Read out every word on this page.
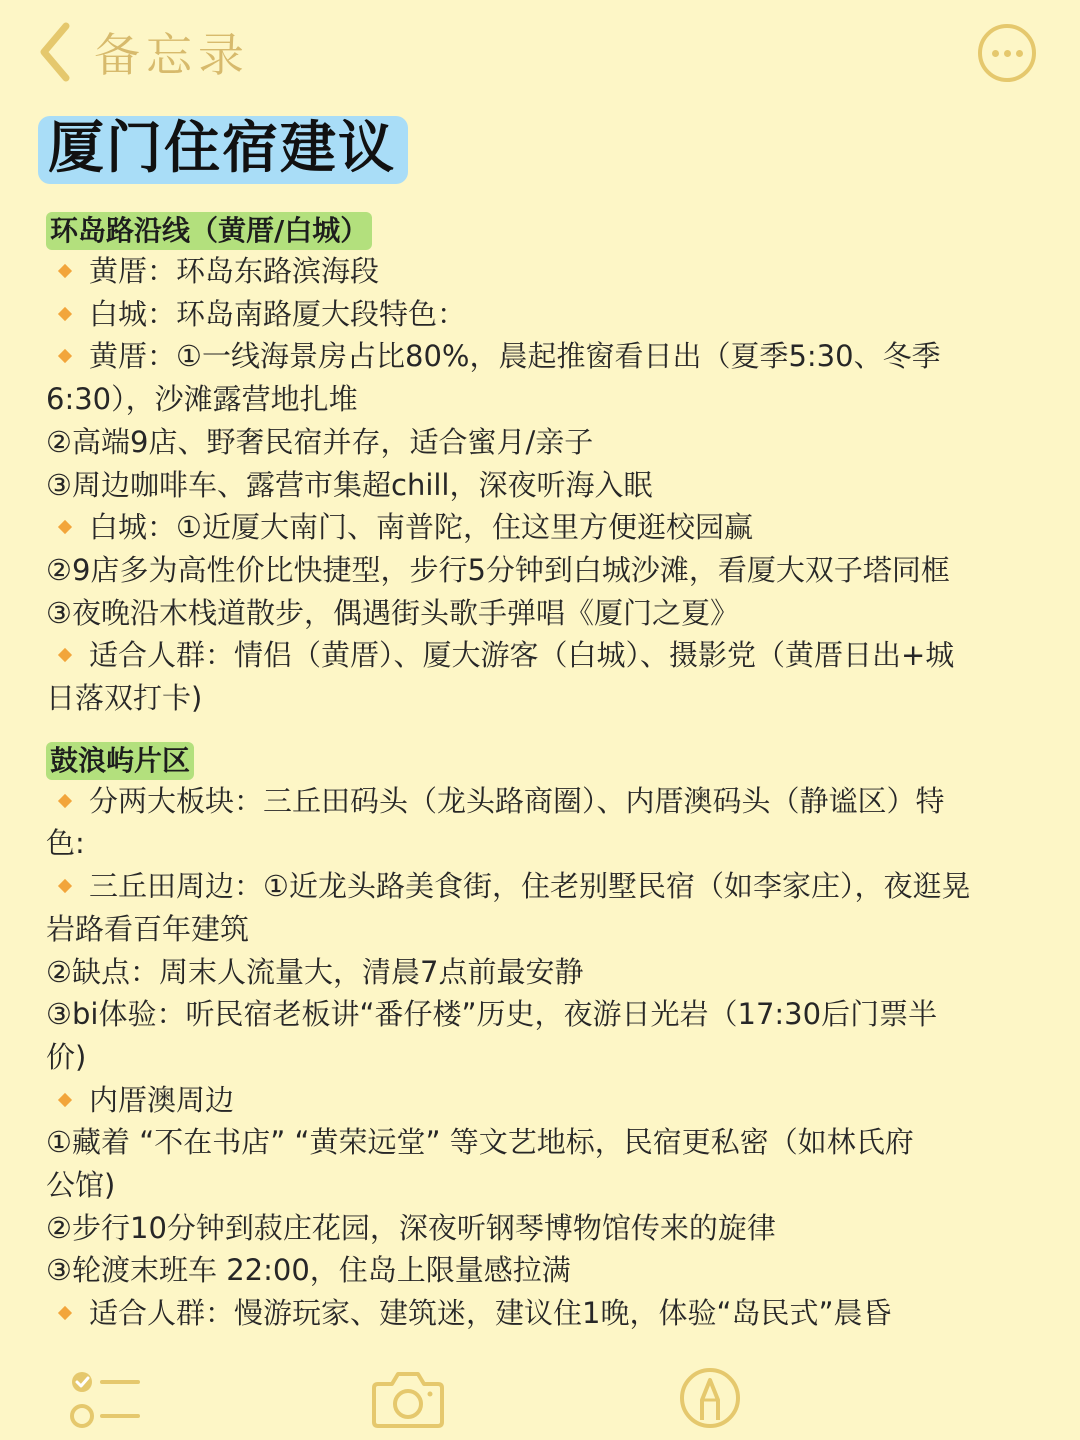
备忘录
厦门住宿建议
环岛路沿线（黄厝/白城）

黄厝：环岛东路滨海段

白城：环岛南路厦大段特色：

黄厝：①一线海景房占比80%，晨起推窗看日出（夏季5:30、冬季

6:30），沙滩露营地扎堆

②高端9店、野奢民宿并存，适合蜜月/亲子

③周边咖啡车、露营市集超chill，深夜听海入眠

白城：①近厦大南门、南普陀，住这里方便逛校园赢

②9店多为高性价比快捷型，步行5分钟到白城沙滩，看厦大双子塔同框

③夜晚沿木栈道散步，偶遇街头歌手弹唱《厦门之夏》

适合人群：情侣（黄厝）、厦大游客（白城）、摄影党（黄厝日出+城

日落双打卡)

鼓浪屿片区

分两大板块：三丘田码头（龙头路商圈）、内厝澳码头（静谧区）特

色:

三丘田周边：①近龙头路美食街，住老别墅民宿（如李家庄），夜逛晃

岩路看百年建筑

②缺点：周末人流量大，清晨7点前最安静

③bi体验：听民宿老板讲“番仔楼”历史，夜游日光岩（17:30后门票半

价)

内厝澳周边

①藏着 “不在书店” “黄荣远堂” 等文艺地标，民宿更私密（如林氏府

公馆)

②步行10分钟到菽庄花园，深夜听钢琴博物馆传来的旋律

③轮渡末班车 22:00，住岛上限量感拉满

适合人群：慢游玩家、建筑迷，建议住1晚，体验“岛民式”晨昏
